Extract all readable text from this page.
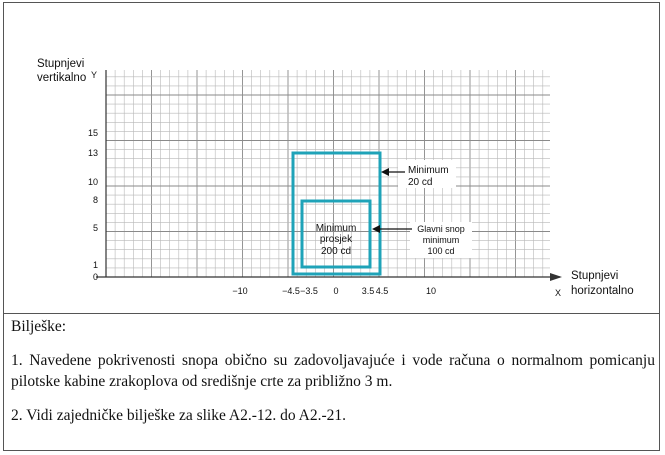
Stupnjevi
vertikalno Y
Stupnjevi
horizontalno
X
15
13
10
8
5
1
0
−10	−4.5 −3.5 0	3.5 4.5	10
Minimum
prosjek
200 cd
Minimum
20 cd
Glavni snop
minimum
100 cd

Bilješke:

1. Navedene pokrivenosti snopa obično su zadovoljavajuće i vode računa o normalnom pomicanju pilotske kabine zrakoplova od središnje crte za približno 3 m.

2. Vidi zajedničke bilješke za slike A2.-12. do A2.-21.
